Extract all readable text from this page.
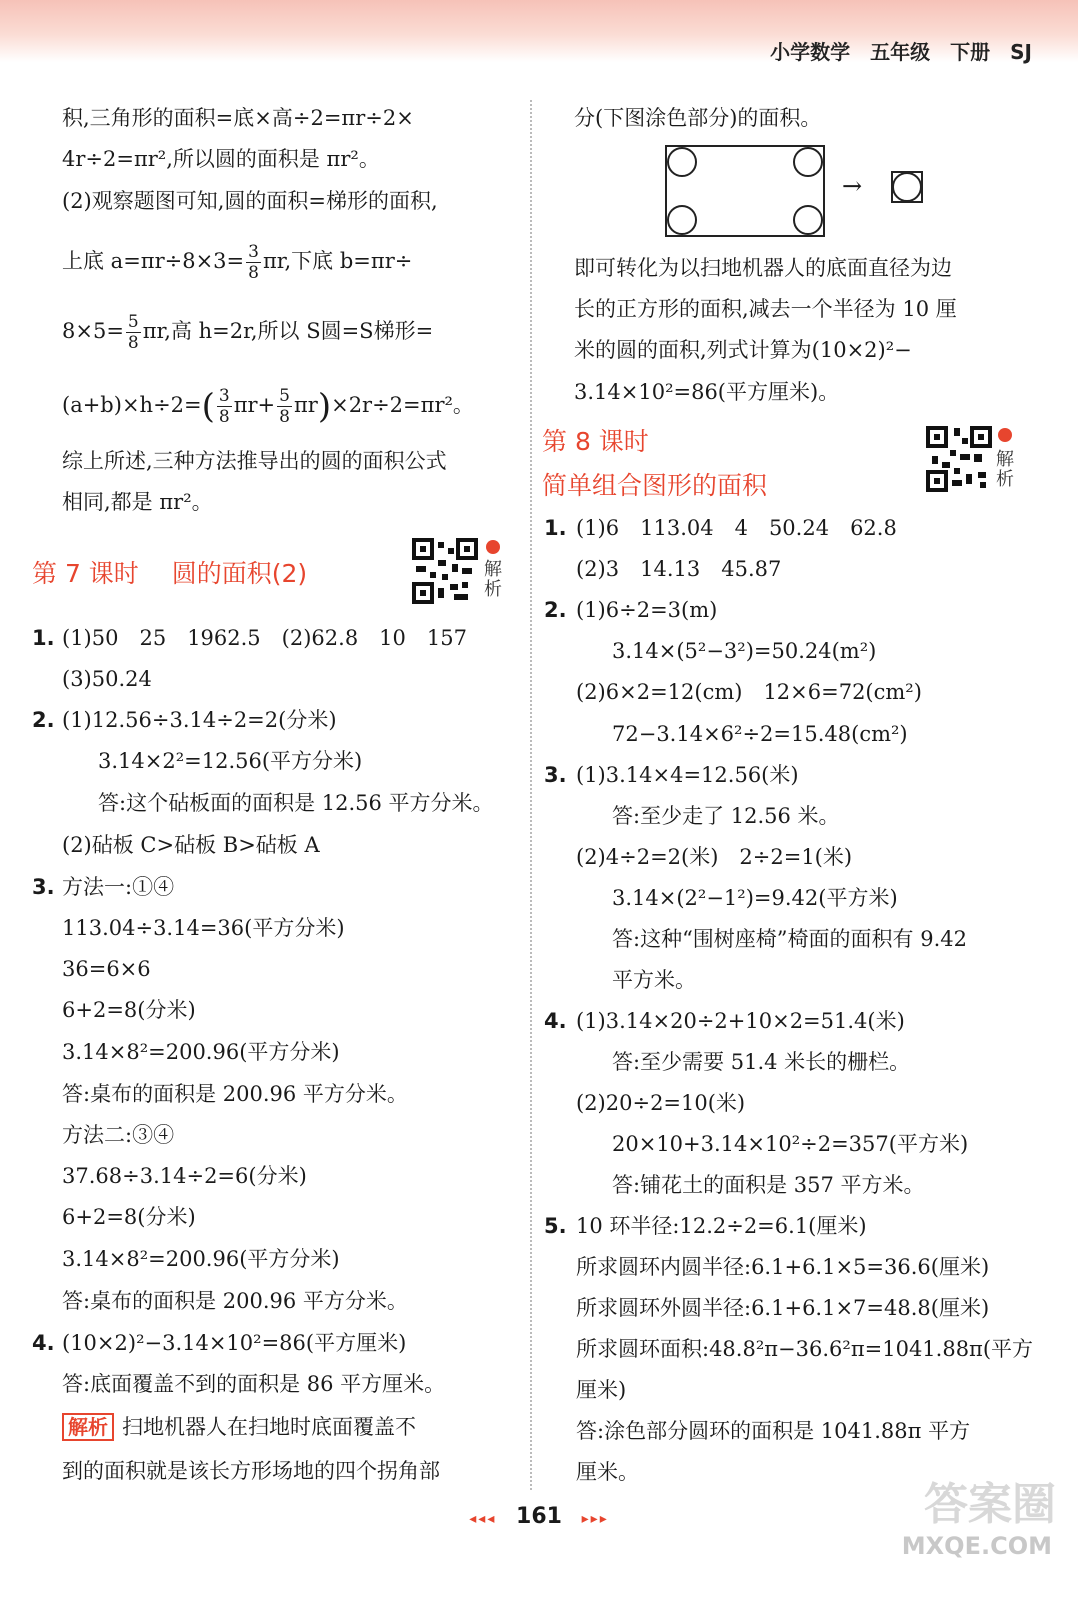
小学数学 五年级 下册 SJ
积,三角形的面积=底×高÷2=πr÷2×
4r÷2=πr²,所以圆的面积是 πr²。
(2)观察题图可知,圆的面积=梯形的面积,
上底 $a=\pi r\div 8\times 3= \frac{3}{8} \pi r$,下底 b=πr÷
$8\times 5= \frac{5}{8} \pi r$,高 h=2r,所以 S圆=S梯形=
$(a+b)\times h\div 2=( \frac{3}{8} \pi r+ \frac{5}{8} \pi r)\times 2r\div 2=\pi r^2$。
综上所述,三种方法推导出的圆的面积公式
相同,都是 πr²。
第 7 课时　 圆的面积(2)	解
析
1. (1)50　25　1962.5　(2)62.8　10　157
(3)50.24
2. (1)12.56÷3.14÷2=2(分米)
3.14×2²=12.56(平方分米)
答:这个砧板面的面积是 12.56 平方分米。
(2)砧板 C>砧板 B>砧板 A
3. 方法一:①④
113.04÷3.14=36(平方分米)
36=6×6
6+2=8(分米)
3.14×8²=200.96(平方分米)
答:桌布的面积是 200.96 平方分米。
方法二:③④
37.68÷3.14÷2=6(分米)
6+2=8(分米)
3.14×8²=200.96(平方分米)
答:桌布的面积是 200.96 平方分米。
4. (10×2)²−3.14×10²=86(平方厘米)
答:底面覆盖不到的面积是 86 平方厘米。
解析 扫地机器人在扫地时底面覆盖不
到的面积就是该长方形场地的四个拐角部
分(下图涂色部分)的面积。
→
即可转化为以扫地机器人的底面直径为边
长的正方形的面积,减去一个半径为 10 厘
米的圆的面积,列式计算为(10×2)²−
3.14×10²=86(平方厘米)。
第 8 课时
简单组合图形的面积
解
析
1. (1)6　113.04　4　50.24　62.8
(2)3　14.13　45.87
2. (1)6÷2=3(m)
3.14×(5²−3²)=50.24(m²)
(2)6×2=12(cm)　12×6=72(cm²)
72−3.14×6²÷2=15.48(cm²)
3. (1)3.14×4=12.56(米)
答:至少走了 12.56 米。
(2)4÷2=2(米)　2÷2=1(米)
3.14×(2²−1²)=9.42(平方米)
答:这种“围树座椅”椅面的面积有 9.42
平方米。
4. (1)3.14×20÷2+10×2=51.4(米)
答:至少需要 51.4 米长的栅栏。
(2)20÷2=10(米)
20×10+3.14×10²÷2=357(平方米)
答:铺花土的面积是 357 平方米。
5. 10 环半径:12.2÷2=6.1(厘米)
所求圆环内圆半径:6.1+6.1×5=36.6(厘米)
所求圆环外圆半径:6.1+6.1×7=48.8(厘米)
所求圆环面积:48.8²π−36.6²π=1041.88π(平方
厘米)
答:涂色部分圆环的面积是 1041.88π 平方
厘米。
◂◂◂ 161 ▸▸▸	答案圈
MXQE.COM
